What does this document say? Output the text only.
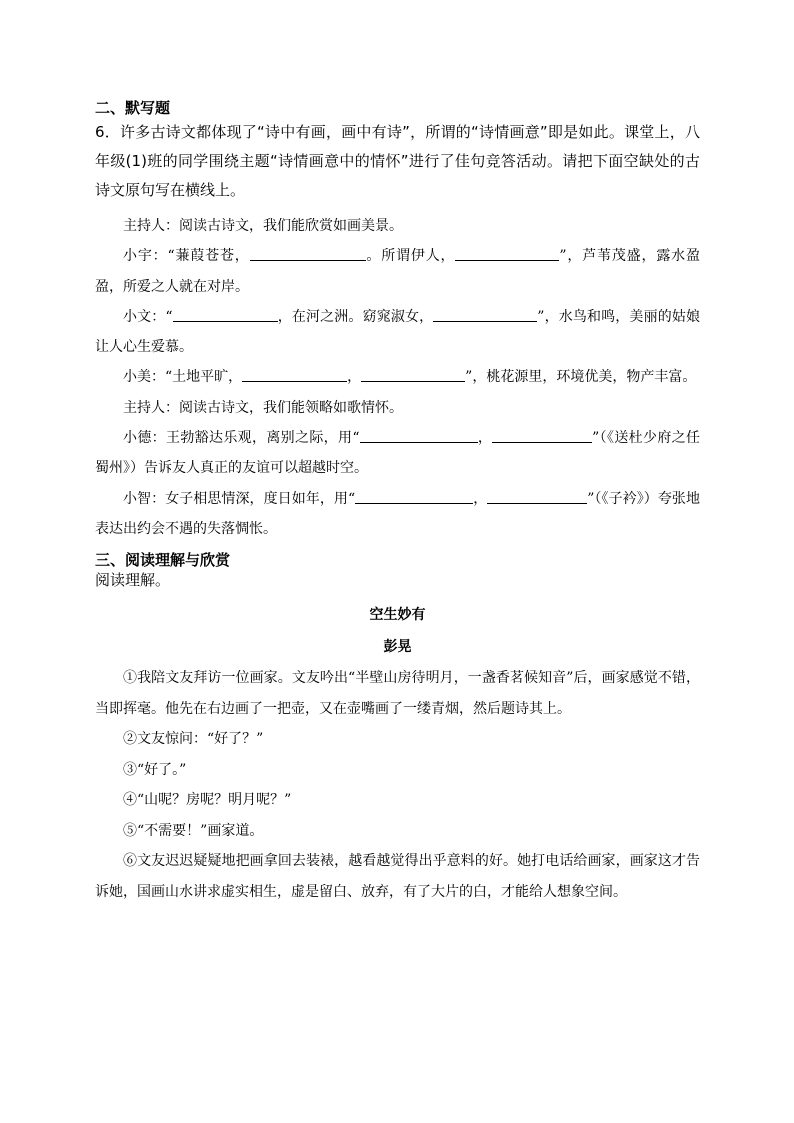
二、默写题

6．许多古诗文都体现了“诗中有画，画中有诗”，所谓的“诗情画意”即是如此。课堂上，八年级(1)班的同学围绕主题“诗情画意中的情怀”进行了佳句竞答活动。请把下面空缺处的古诗文原句写在横线上。

主持人：阅读古诗文，我们能欣赏如画美景。

小宇：“蒹葭苍苍，	。所谓伊人，	”，芦苇茂盛，露水盈盈，所爱之人就在对岸。

小文：“	，在河之洲。窈窕淑女，	”，水鸟和鸣，美丽的姑娘让人心生爱慕。

小美：“土地平旷，	，	”，桃花源里，环境优美，物产丰富。

主持人：阅读古诗文，我们能领略如歌情怀。

小德：王勃豁达乐观，离别之际，用“	，	”（《送杜少府之任蜀州》）告诉友人真正的友谊可以超越时空。

小智：女子相思情深，度日如年，用“	，	”（《子衿》）夸张地表达出约会不遇的失落惆怅。

三、阅读理解与欣赏

阅读理解。

空生妙有

彭晃

①我陪文友拜访一位画家。文友吟出“半壁山房待明月，一盏香茗候知音”后，画家感觉不错，当即挥毫。他先在右边画了一把壶，又在壶嘴画了一缕青烟，然后题诗其上。

②文友惊问：“好了？”

③“好了。”

④“山呢？房呢？明月呢？”

⑤“不需要！”画家道。

⑥文友迟迟疑疑地把画拿回去装裱，越看越觉得出乎意料的好。她打电话给画家，画家这才告诉她，国画山水讲求虚实相生，虚是留白、放弃，有了大片的白，才能给人想象空间。
